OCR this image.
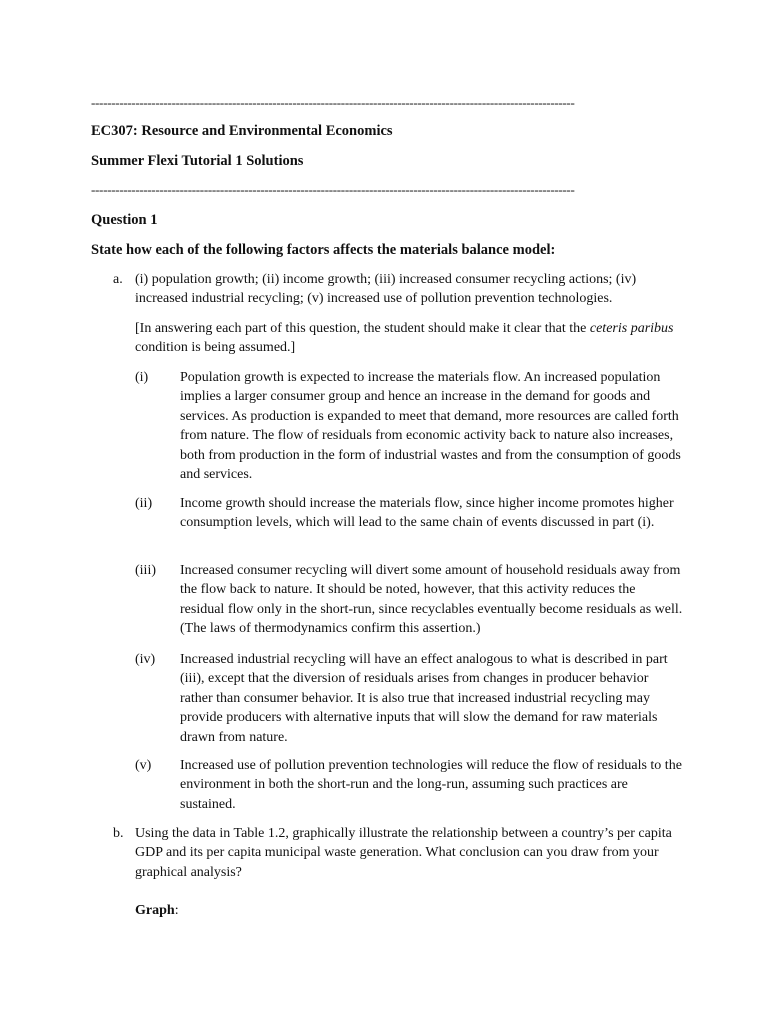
------------------------------------------------------------------------------------------------------------------------
EC307: Resource and Environmental Economics
Summer Flexi Tutorial 1 Solutions
------------------------------------------------------------------------------------------------------------------------
Question 1
State how each of the following factors affects the materials balance model:
a. (i) population growth; (ii) income growth; (iii) increased consumer recycling actions; (iv) increased industrial recycling; (v) increased use of pollution prevention technologies.
[In answering each part of this question, the student should make it clear that the ceteris paribus condition is being assumed.]
(i) Population growth is expected to increase the materials flow. An increased population implies a larger consumer group and hence an increase in the demand for goods and services. As production is expanded to meet that demand, more resources are called forth from nature. The flow of residuals from economic activity back to nature also increases, both from production in the form of industrial wastes and from the consumption of goods and services.
(ii) Income growth should increase the materials flow, since higher income promotes higher consumption levels, which will lead to the same chain of events discussed in part (i).
(iii) Increased consumer recycling will divert some amount of household residuals away from the flow back to nature. It should be noted, however, that this activity reduces the residual flow only in the short-run, since recyclables eventually become residuals as well. (The laws of thermodynamics confirm this assertion.)
(iv) Increased industrial recycling will have an effect analogous to what is described in part (iii), except that the diversion of residuals arises from changes in producer behavior rather than consumer behavior. It is also true that increased industrial recycling may provide producers with alternative inputs that will slow the demand for raw materials drawn from nature.
(v) Increased use of pollution prevention technologies will reduce the flow of residuals to the environment in both the short-run and the long-run, assuming such practices are sustained.
b. Using the data in Table 1.2, graphically illustrate the relationship between a country’s per capita GDP and its per capita municipal waste generation. What conclusion can you draw from your graphical analysis?
Graph:
